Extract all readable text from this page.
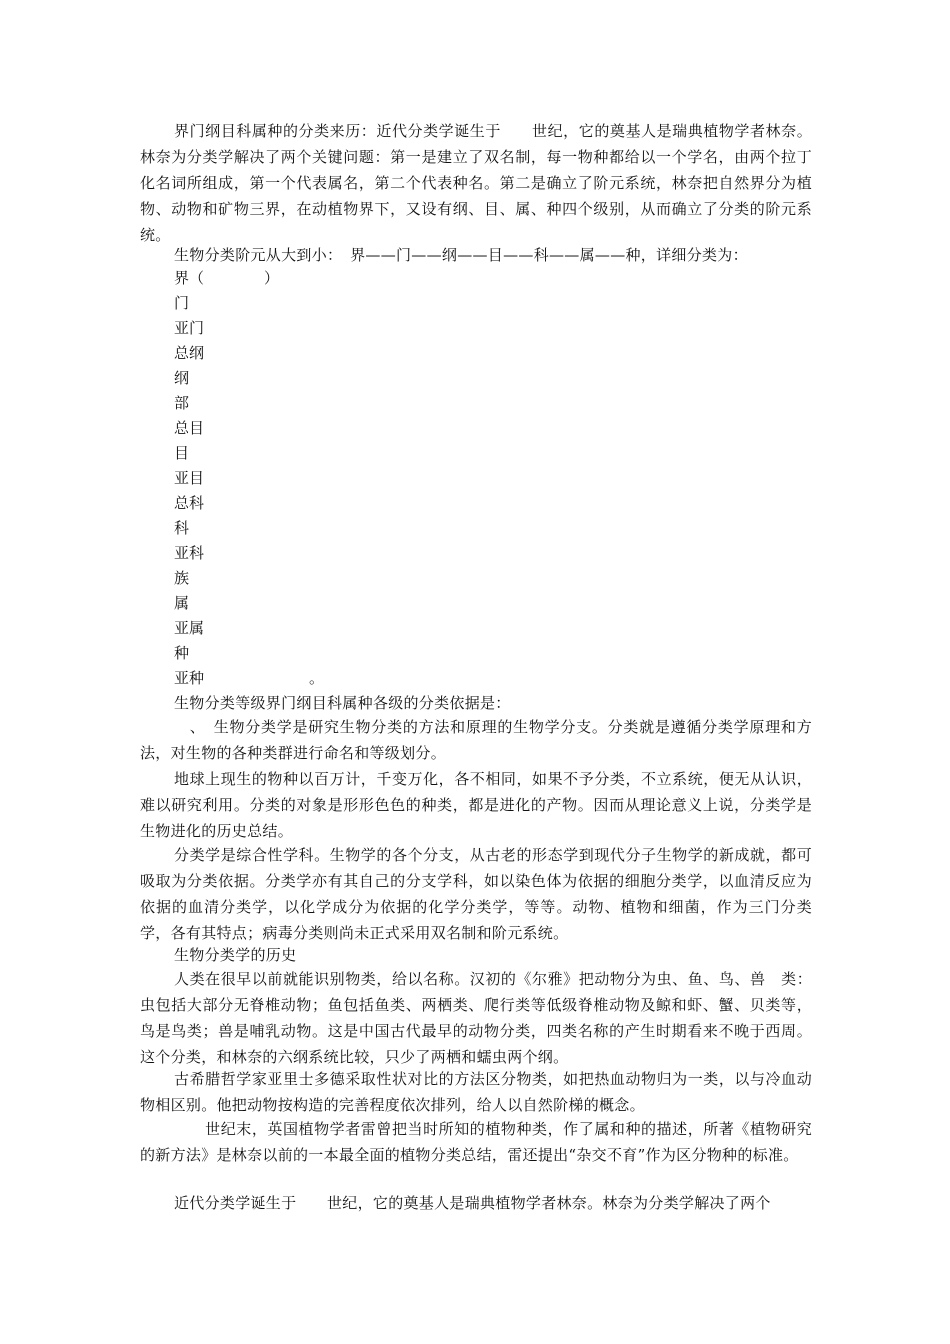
界门纲目科属种的分类来历：近代分类学诞生于　　世纪，它的奠基人是瑞典植物学者林奈。林奈为分类学解决了两个关键问题：第一是建立了双名制，每一物种都给以一个学名，由两个拉丁化名词所组成，第一个代表属名，第二个代表种名。第二是确立了阶元系统，林奈把自然界分为植物、动物和矿物三界，在动植物界下，又设有纲、目、属、种四个级别，从而确立了分类的阶元系统。

生物分类阶元从大到小：　界——门——纲——目——科——属——种，详细分类为：

界（　　　　）

门

亚门

总纲

纲

部

总目

目

亚目

总科

科

亚科

族

属

亚属

种

亚种　　　　　　　。

生物分类等级界门纲目科属种各级的分类依据是：

　、　生物分类学是研究生物分类的方法和原理的生物学分支。分类就是遵循分类学原理和方法，对生物的各种类群进行命名和等级划分。

地球上现生的物种以百万计，千变万化，各不相同，如果不予分类，不立系统，便无从认识，难以研究利用。分类的对象是形形色色的种类，都是进化的产物。因而从理论意义上说，分类学是生物进化的历史总结。

分类学是综合性学科。生物学的各个分支，从古老的形态学到现代分子生物学的新成就，都可吸取为分类依据。分类学亦有其自己的分支学科，如以染色体为依据的细胞分类学，以血清反应为依据的血清分类学，以化学成分为依据的化学分类学，等等。动物、植物和细菌，作为三门分类学，各有其特点；病毒分类则尚未正式采用双名制和阶元系统。

生物分类学的历史

人类在很早以前就能识别物类，给以名称。汉初的《尔雅》把动物分为虫、鱼、鸟、兽　类：虫包括大部分无脊椎动物；鱼包括鱼类、两栖类、爬行类等低级脊椎动物及鲸和虾、蟹、贝类等，鸟是鸟类；兽是哺乳动物。这是中国古代最早的动物分类，四类名称的产生时期看来不晚于西周。这个分类，和林奈的六纲系统比较，只少了两栖和蠕虫两个纲。

古希腊哲学家亚里士多德采取性状对比的方法区分物类，如把热血动物归为一类，以与冷血动物相区别。他把动物按构造的完善程度依次排列，给人以自然阶梯的概念。

　　世纪末，英国植物学者雷曾把当时所知的植物种类，作了属和种的描述，所著《植物研究的新方法》是林奈以前的一本最全面的植物分类总结，雷还提出“杂交不育”作为区分物种的标准。

近代分类学诞生于　　世纪，它的奠基人是瑞典植物学者林奈。林奈为分类学解决了两个
